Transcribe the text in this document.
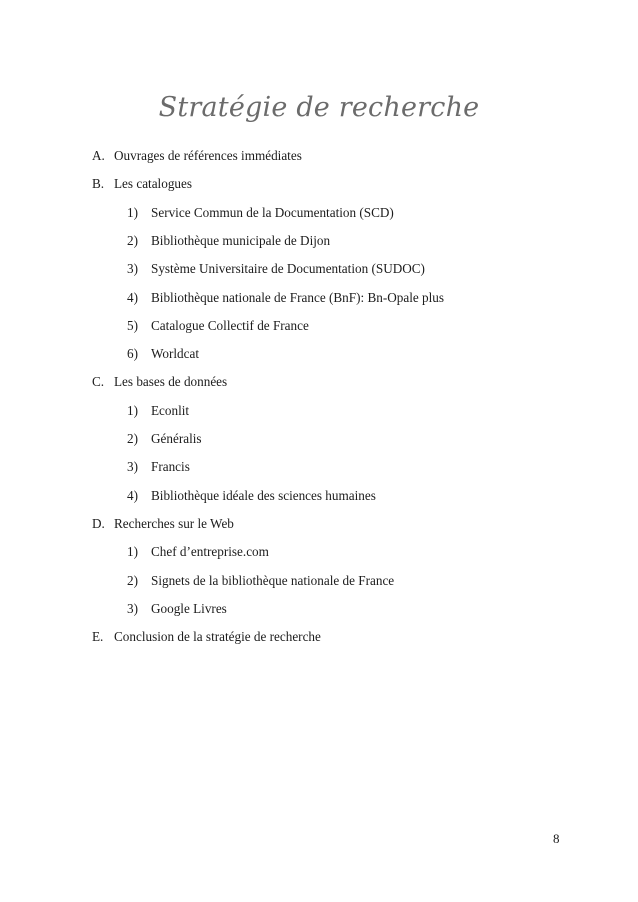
Stratégie de recherche
A. Ouvrages de références immédiates
B. Les catalogues
1) Service Commun de la Documentation (SCD)
2) Bibliothèque municipale de Dijon
3) Système Universitaire de Documentation (SUDOC)
4) Bibliothèque nationale de France (BnF): Bn-Opale plus
5) Catalogue Collectif de France
6) Worldcat
C. Les bases de données
1) Econlit
2) Généralis
3) Francis
4) Bibliothèque idéale des sciences humaines
D. Recherches sur le Web
1) Chef d’entreprise.com
2) Signets de la bibliothèque nationale de France
3) Google Livres
E. Conclusion de la stratégie de recherche
8
